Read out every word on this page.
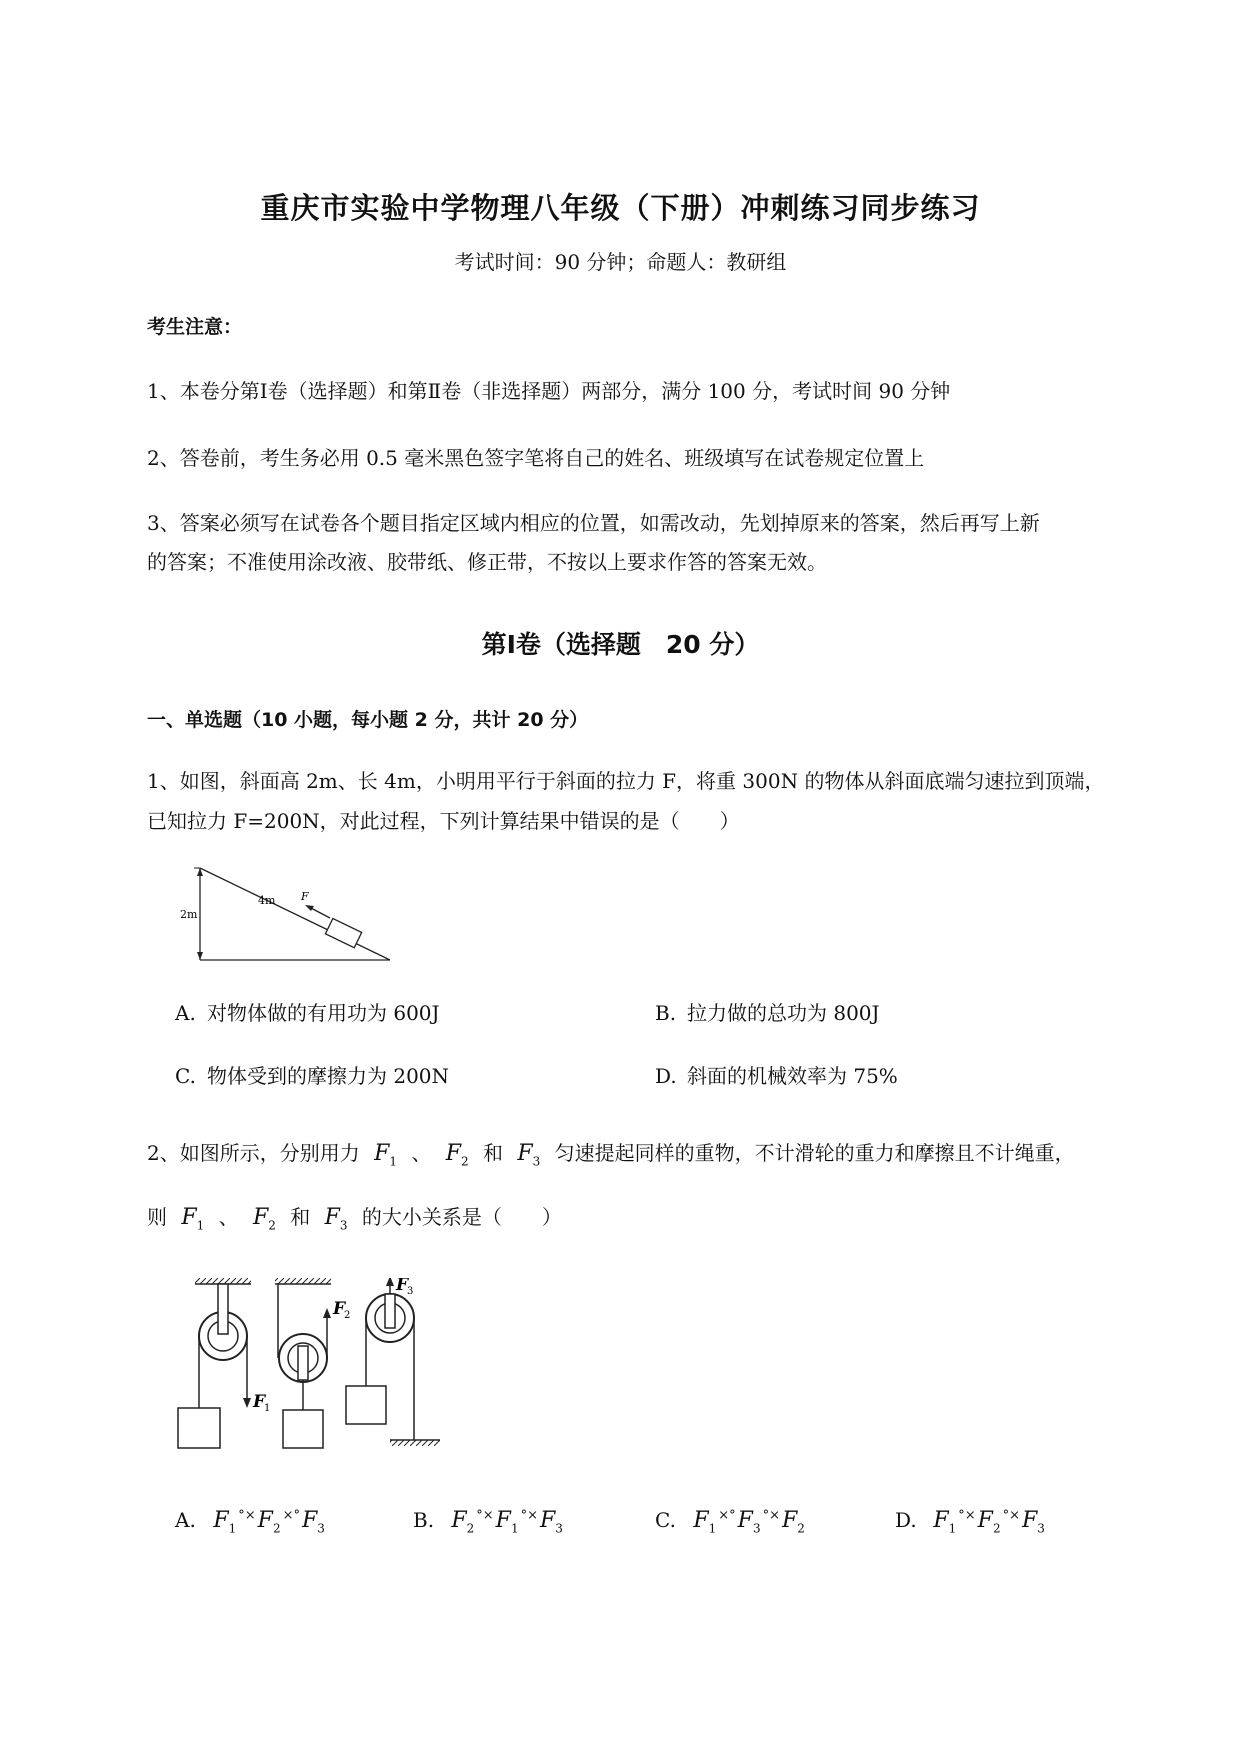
重庆市实验中学物理八年级（下册）冲刺练习同步练习
考试时间：90 分钟；命题人：教研组
考生注意：
1、本卷分第Ⅰ卷（选择题）和第Ⅱ卷（非选择题）两部分，满分 100 分，考试时间 90 分钟
2、答卷前，考生务必用 0.5 毫米黑色签字笔将自己的姓名、班级填写在试卷规定位置上
3、答案必须写在试卷各个题目指定区域内相应的位置，如需改动，先划掉原来的答案，然后再写上新
的答案；不准使用涂改液、胶带纸、修正带，不按以上要求作答的答案无效。
第Ⅰ卷（选择题　20 分）
一、单选题（10 小题，每小题 2 分，共计 20 分）
1、如图，斜面高 2m、长 4m，小明用平行于斜面的拉力 F，将重 300N 的物体从斜面底端匀速拉到顶端，
已知拉力 F=200N，对此过程，下列计算结果中错误的是（　　）
2m
4m F
A. 对物体做的有用功为 600J	B. 拉力做的总功为 800J
C. 物体受到的摩擦力为 200N	D. 斜面的机械效率为 75%
2、如图所示，分别用力 $F_1$ 、 $F_2$ 和 $F_3$ 匀速提起同样的重物，不计滑轮的重力和摩擦且不计绳重，
则 $F_1$ 、 $F_2$ 和 $F_3$ 的大小关系是（　　）
F
1
F
2
F
3
A. $F_1^{^\circ\times}F_2^{\times^\circ}F_3$	B. $F_2^{^\circ\times}F_1^{^\circ\times}F_3$	C. $F_1^{\times^\circ}F_3^{^\circ\times}F_2$	D. $F_1^{^\circ\times}F_2^{^\circ\times}F_3$
